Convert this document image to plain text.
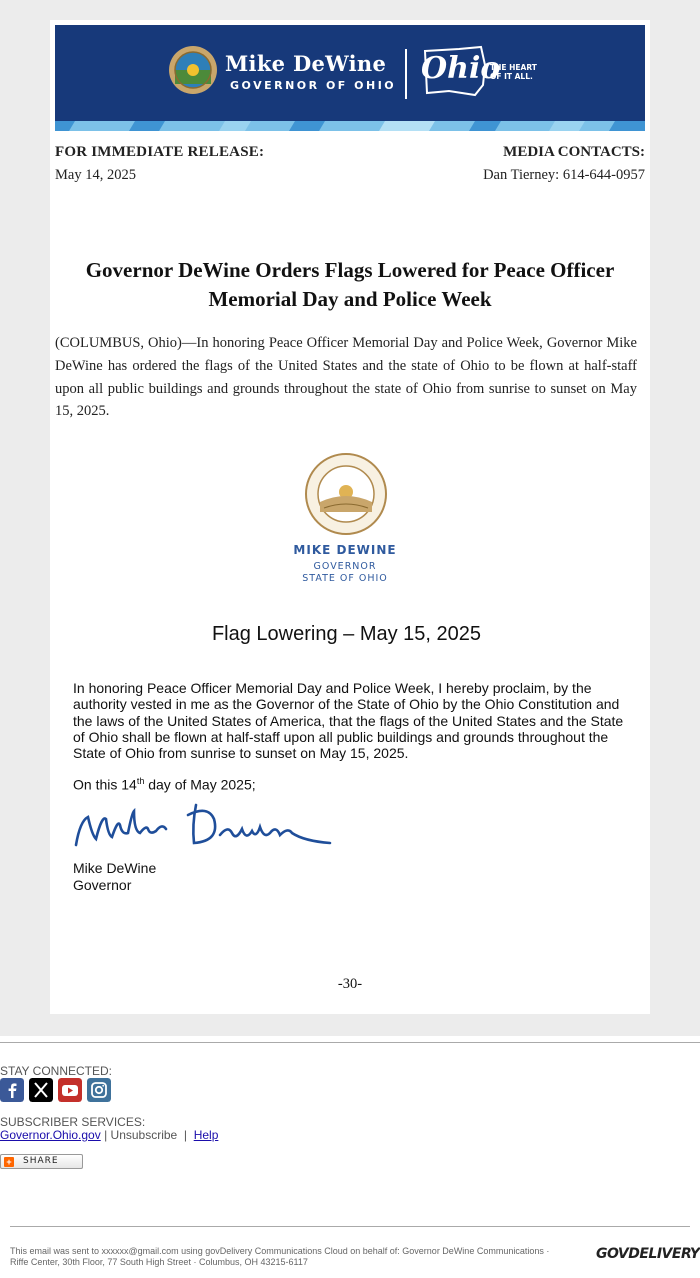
Mike DeWine
GOVERNOR OF OHIO Ohio
THE HEART
OF IT ALL.
FOR IMMEDIATE RELEASE:
May 14, 2025
MEDIA CONTACTS:
Dan Tierney: 614-644-0957
Governor DeWine Orders Flags Lowered for Peace Officer Memorial Day and Police Week
(COLUMBUS, Ohio)—In honoring Peace Officer Memorial Day and Police Week, Governor Mike DeWine has ordered the flags of the United States and the state of Ohio to be flown at half-staff upon all public buildings and grounds throughout the state of Ohio from sunrise to sunset on May 15, 2025.
MIKE DEWINE
GOVERNOR
STATE OF OHIO
Flag Lowering – May 15, 2025
In honoring Peace Officer Memorial Day and Police Week, I hereby proclaim, by the authority vested in me as the Governor of the State of Ohio by the Ohio Constitution and the laws of the United States of America, that the flags of the United States and the State of Ohio shall be flown at half-staff upon all public buildings and grounds throughout the State of Ohio from sunrise to sunset on May 15, 2025.
On this 14th day of May 2025;
Mike DeWine
Governor
-30-
STAY CONNECTED:
SUBSCRIBER SERVICES:
Governor.Ohio.gov | Unsubscribe  |  Help
+ SHARE
This email was sent to xxxxxx@gmail.com using govDelivery Communications Cloud on behalf of: Governor DeWine Communications · Riffe Center, 30th Floor, 77 South High Street · Columbus, OH 43215-6117	GOVDELIVERY
